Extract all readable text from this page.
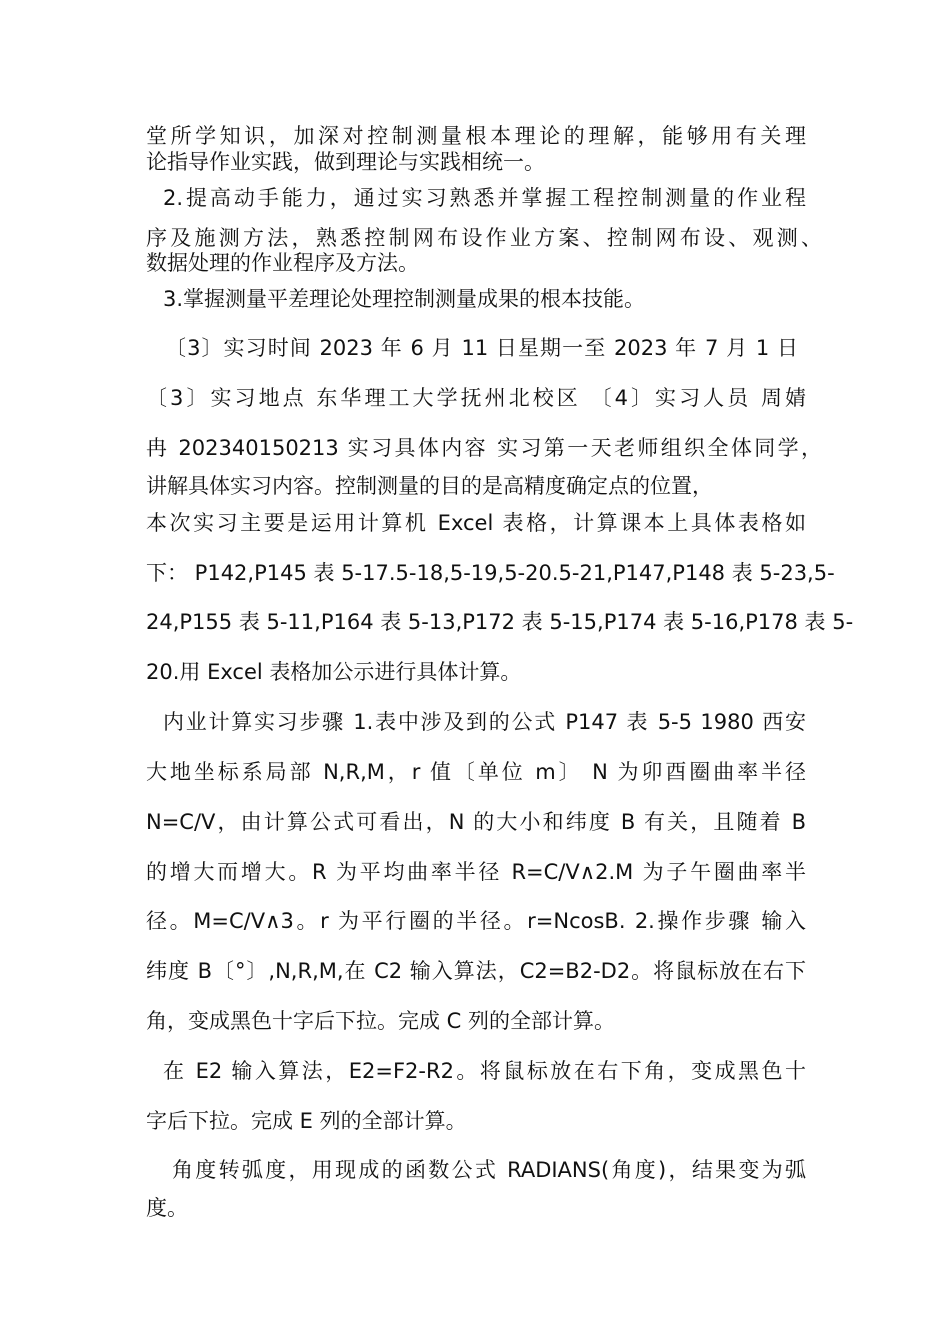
堂所学知识，加深对控制测量根本理论的理解，能够用有关理

论指导作业实践，做到理论与实践相统一。

2.提高动手能力，通过实习熟悉并掌握工程控制测量的作业程

序及施测方法，熟悉控制网布设作业方案、控制网布设、观测、

数据处理的作业程序及方法。

3.掌握测量平差理论处理控制测量成果的根本技能。

〔3〕实习时间 2023 年 6 月 11 日星期一至 2023 年 7 月 1 日

〔3〕实习地点 东华理工大学抚州北校区 〔4〕实习人员 周婧

冉 202340150213 实习具体内容 实习第一天老师组织全体同学，

讲解具体实习内容。控制测量的目的是高精度确定点的位置，

本次实习主要是运用计算机 Excel 表格，计算课本上具体表格如

下： P142,P145 表 5-17.5-18,5-19,5-20.5-21,P147,P148 表 5-23,5-

24,P155 表 5-11,P164 表 5-13,P172 表 5-15,P174 表 5-16,P178 表 5-

20.用 Excel 表格加公示进行具体计算。

内业计算实习步骤 1.表中涉及到的公式 P147 表 5-5 1980 西安

大地坐标系局部 N,R,M，r 值〔单位 m〕 N 为卯酉圈曲率半径

N=C/V，由计算公式可看出，N 的大小和纬度 B 有关，且随着 B

的增大而增大。R 为平均曲率半径 R=C/V∧2.M 为子午圈曲率半

径。M=C/V∧3。r 为平行圈的半径。r=NcosB. 2.操作步骤 输入

纬度 B〔°〕,N,R,M,在 C2 输入算法，C2=B2-D2。将鼠标放在右下

角，变成黑色十字后下拉。完成 C 列的全部计算。

在 E2 输入算法，E2=F2-R2。将鼠标放在右下角，变成黑色十

字后下拉。完成 E 列的全部计算。

角度转弧度，用现成的函数公式 RADIANS(角度)，结果变为弧

度。
